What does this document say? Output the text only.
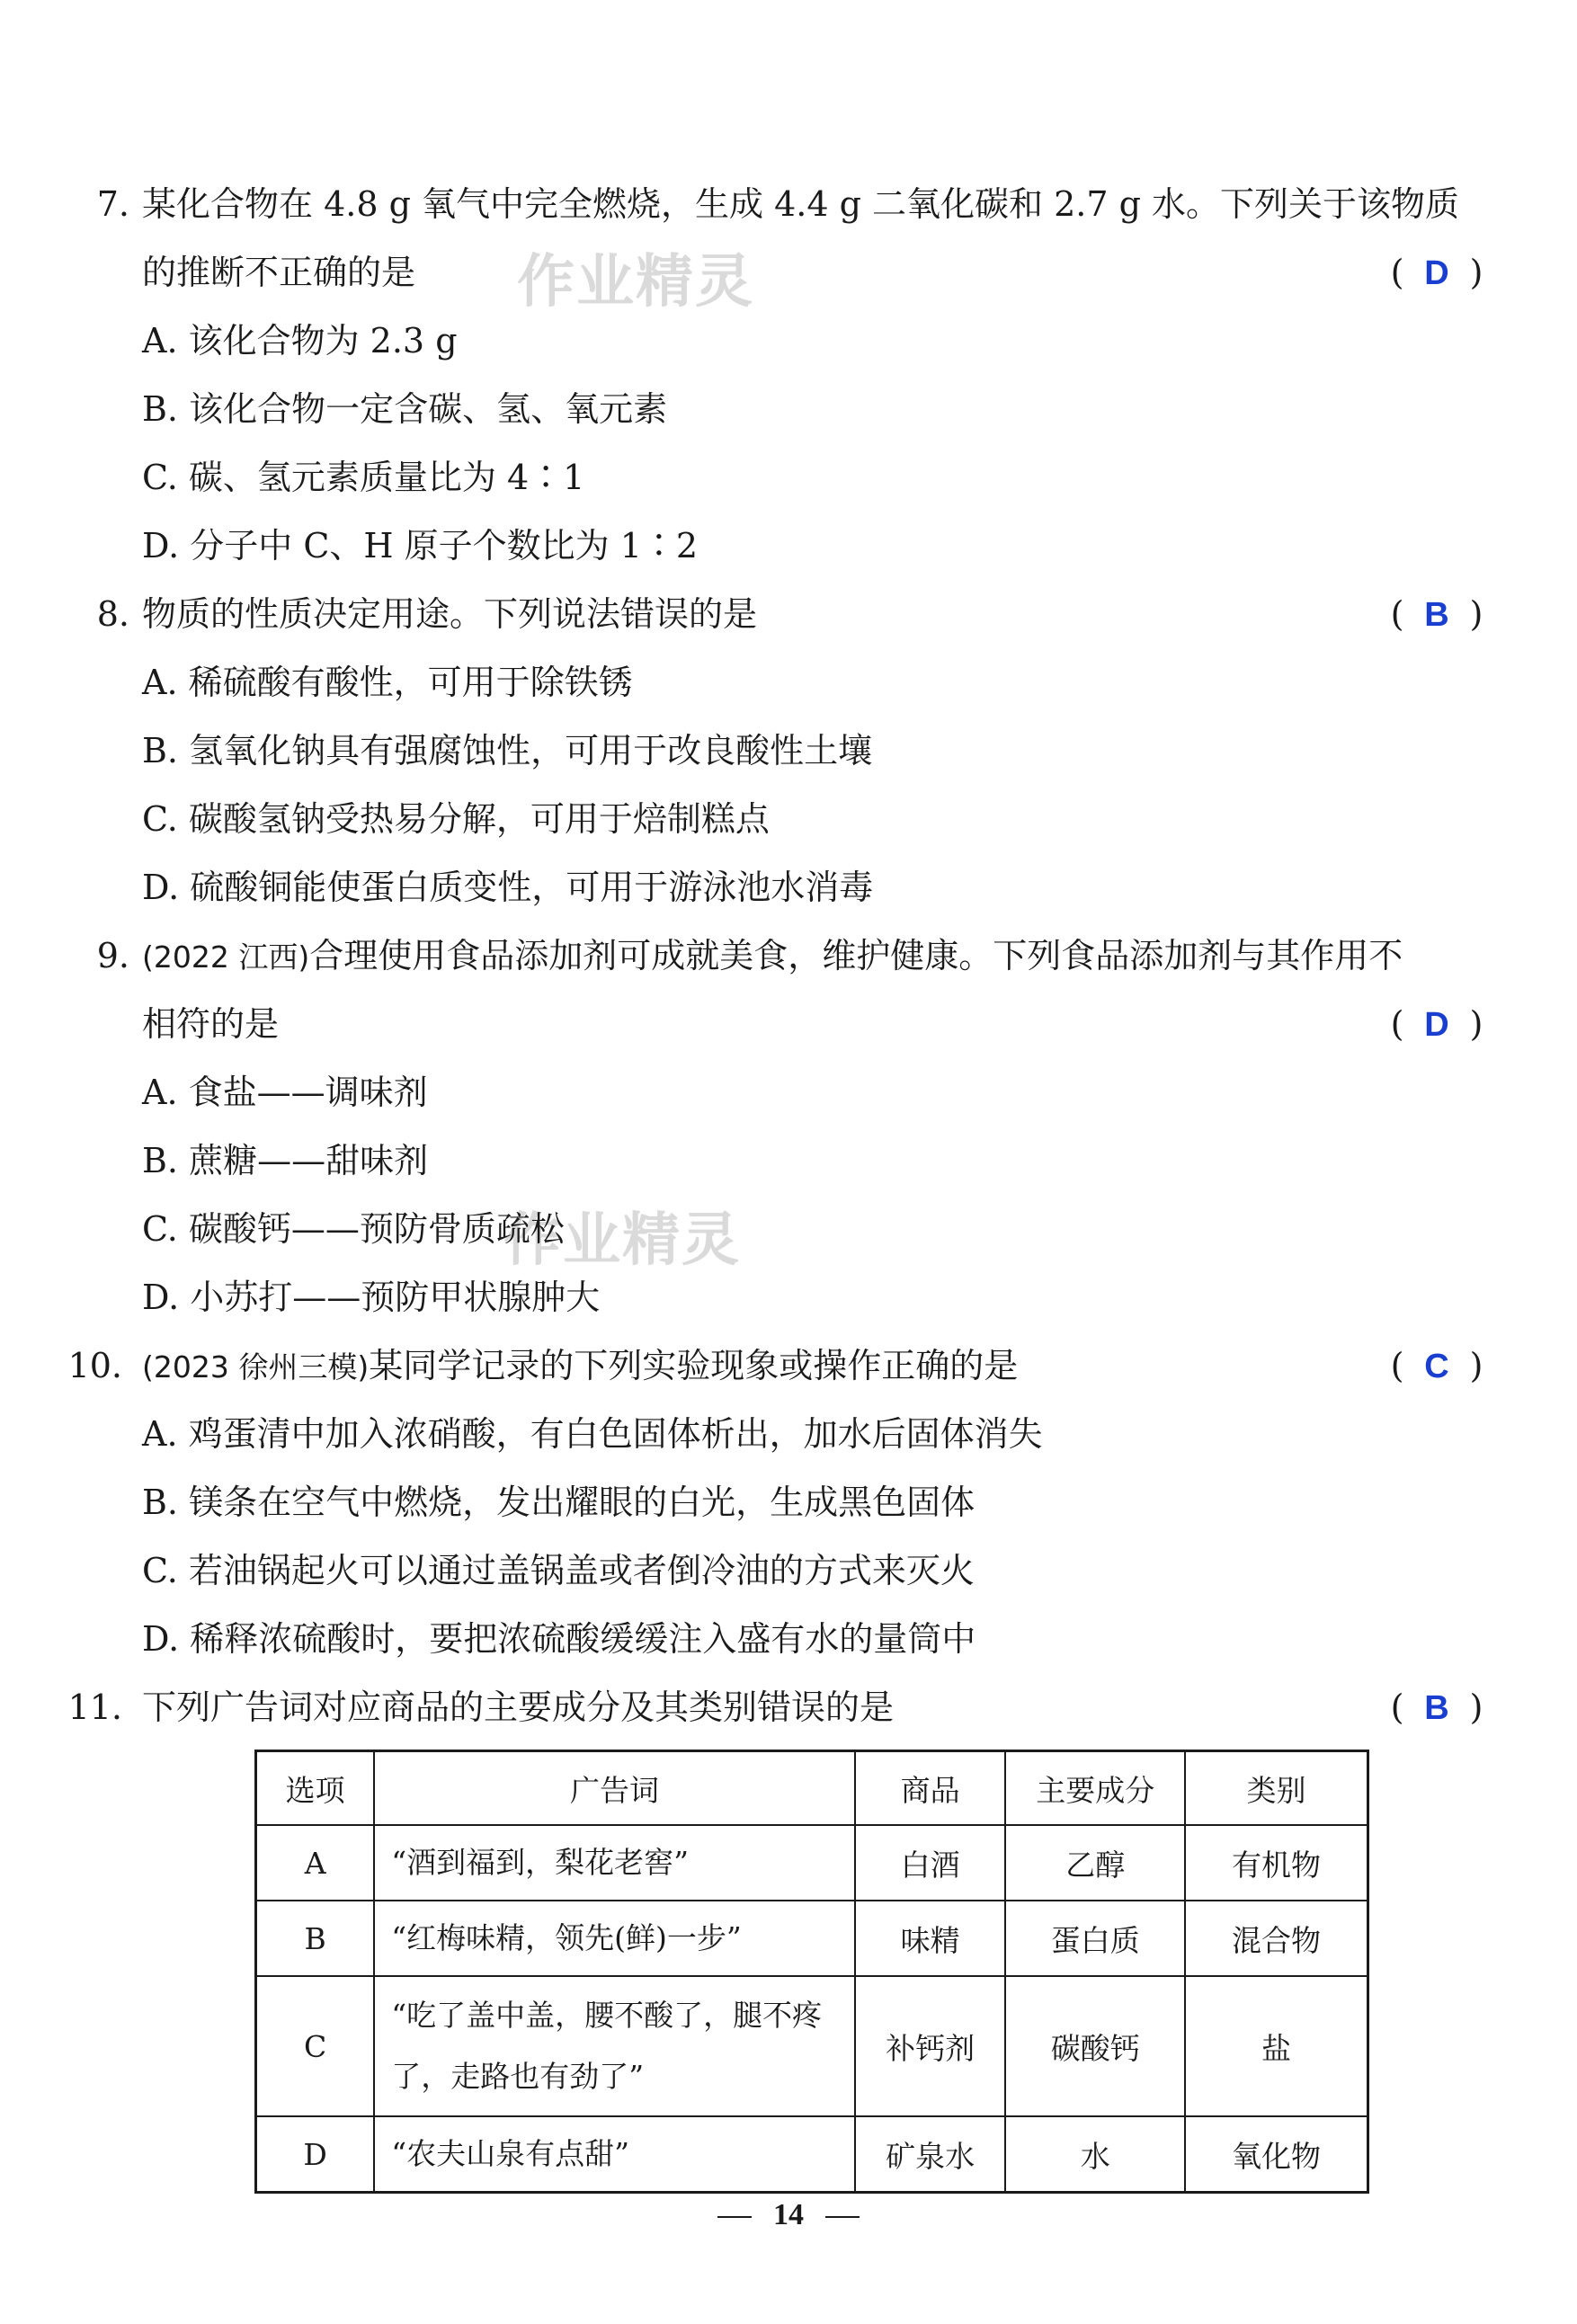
作业精灵
作业精灵
7. 某化合物在 4.8 g 氧气中完全燃烧，生成 4.4 g 二氧化碳和 2.7 g 水。下列关于该物质
的推断不正确的是	( D )
A. 该化合物为 2.3 g
B. 该化合物一定含碳、氢、氧元素
C. 碳、氢元素质量比为 4∶1
D. 分子中 C、H 原子个数比为 1∶2
8. 物质的性质决定用途。下列说法错误的是	( B )
A. 稀硫酸有酸性，可用于除铁锈
B. 氢氧化钠具有强腐蚀性，可用于改良酸性土壤
C. 碳酸氢钠受热易分解，可用于焙制糕点
D. 硫酸铜能使蛋白质变性，可用于游泳池水消毒
9. (2022 江西)合理使用食品添加剂可成就美食，维护健康。下列食品添加剂与其作用不
相符的是	( D )
A. 食盐——调味剂
B. 蔗糖——甜味剂
C. 碳酸钙——预防骨质疏松
D. 小苏打——预防甲状腺肿大
10. (2023 徐州三模)某同学记录的下列实验现象或操作正确的是	( C )
A. 鸡蛋清中加入浓硝酸，有白色固体析出，加水后固体消失
B. 镁条在空气中燃烧，发出耀眼的白光，生成黑色固体
C. 若油锅起火可以通过盖锅盖或者倒冷油的方式来灭火
D. 稀释浓硫酸时，要把浓硫酸缓缓注入盛有水的量筒中
11. 下列广告词对应商品的主要成分及其类别错误的是	( B )
选项	广告词	商品	主要成分	类别
A	“酒到福到，梨花老窖”	白酒	乙醇	有机物
B	“红梅味精，领先(鲜)一步”	味精	蛋白质	混合物
C	“吃了盖中盖，腰不酸了，腿不疼
了，走路也有劲了”	补钙剂	碳酸钙	盐
D	“农夫山泉有点甜”	矿泉水	水	氧化物
14
